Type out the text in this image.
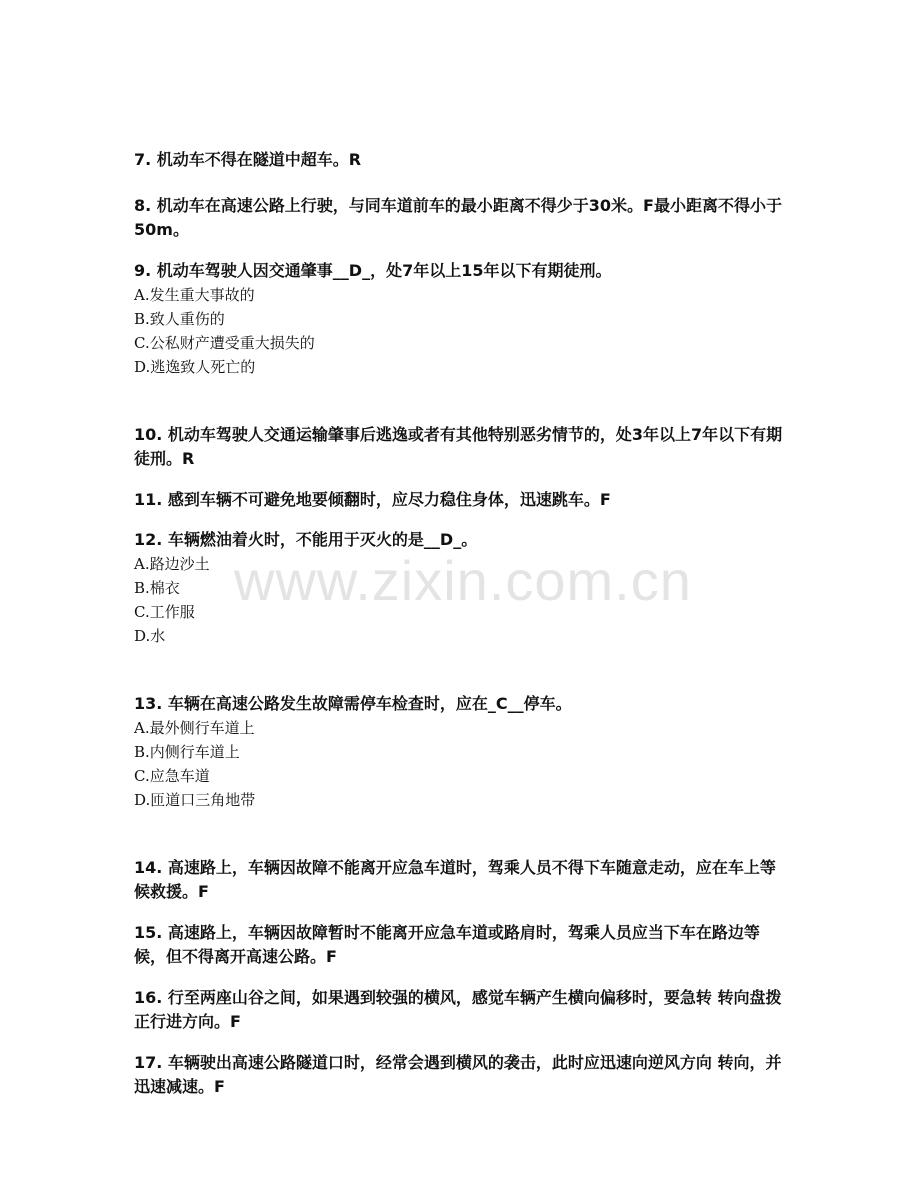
7. 机动车不得在隧道中超车。R

8. 机动车在高速公路上行驶，与同车道前车的最小距离不得少于30米。F最小距离不得小于50m。

9. 机动车驾驶人因交通肇事__D_，处7年以上15年以下有期徒刑。

A.发生重大事故的

B.致人重伤的

C.公私财产遭受重大损失的

D.逃逸致人死亡的

10. 机动车驾驶人交通运输肇事后逃逸或者有其他特别恶劣情节的，处3年以上7年以下有期徒刑。R

11. 感到车辆不可避免地要倾翻时，应尽力稳住身体，迅速跳车。F

12. 车辆燃油着火时，不能用于灭火的是__D_。

A.路边沙土

B.棉衣

C.工作服

D.水

13. 车辆在高速公路发生故障需停车检查时，应在_C__停车。

A.最外侧行车道上

B.内侧行车道上

C.应急车道

D.匝道口三角地带

14. 高速路上，车辆因故障不能离开应急车道时，驾乘人员不得下车随意走动，应在车上等候救援。F

15. 高速路上，车辆因故障暂时不能离开应急车道或路肩时，驾乘人员应当下车在路边等候，但不得离开高速公路。F

16. 行至两座山谷之间，如果遇到较强的横风，感觉车辆产生横向偏移时，要急转 转向盘拨正行进方向。F

17. 车辆驶出高速公路隧道口时，经常会遇到横风的袭击，此时应迅速向逆风方向 转向，并迅速减速。F

www.zixin.com.cn
